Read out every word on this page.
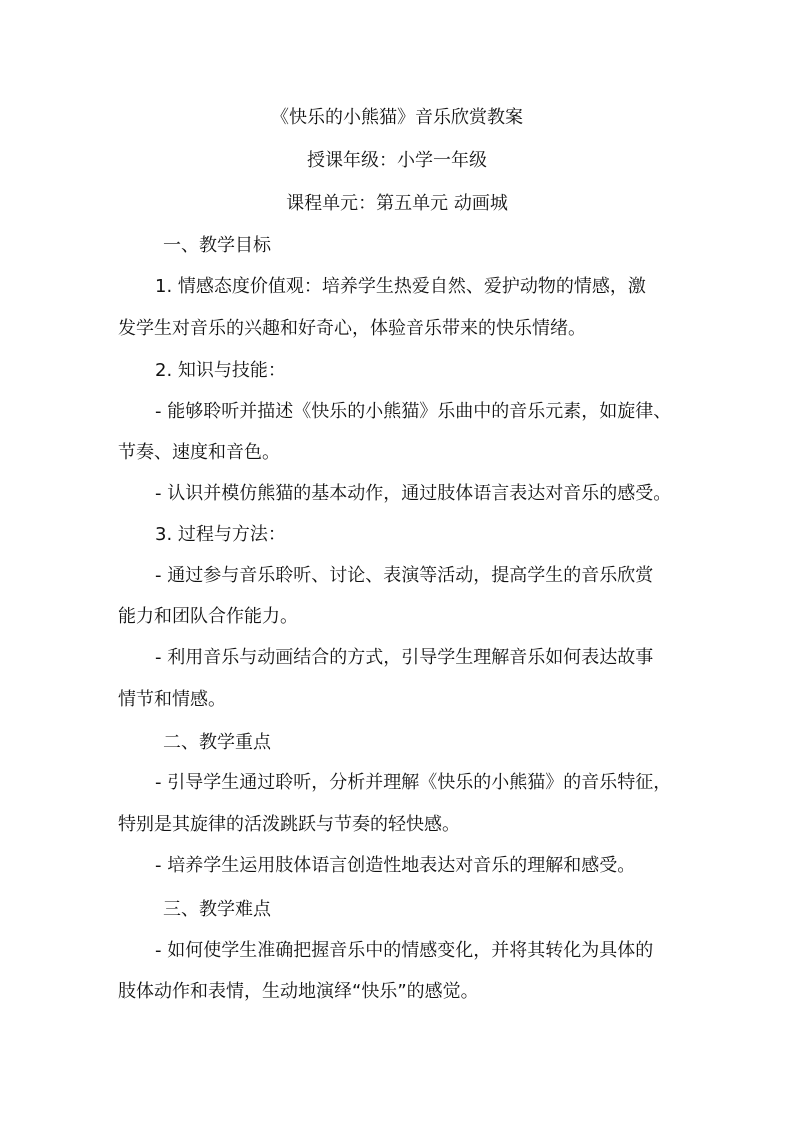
《快乐的小熊猫》音乐欣赏教案
授课年级：小学一年级
课程单元：第五单元 动画城
一、教学目标
1. 情感态度价值观：培养学生热爱自然、爱护动物的情感，激
发学生对音乐的兴趣和好奇心，体验音乐带来的快乐情绪。
2. 知识与技能：
- 能够聆听并描述《快乐的小熊猫》乐曲中的音乐元素，如旋律、
节奏、速度和音色。
- 认识并模仿熊猫的基本动作，通过肢体语言表达对音乐的感受。
3. 过程与方法：
- 通过参与音乐聆听、讨论、表演等活动，提高学生的音乐欣赏
能力和团队合作能力。
- 利用音乐与动画结合的方式，引导学生理解音乐如何表达故事
情节和情感。
二、教学重点
- 引导学生通过聆听，分析并理解《快乐的小熊猫》的音乐特征，
特别是其旋律的活泼跳跃与节奏的轻快感。
- 培养学生运用肢体语言创造性地表达对音乐的理解和感受。
三、教学难点
- 如何使学生准确把握音乐中的情感变化，并将其转化为具体的
肢体动作和表情，生动地演绎“快乐”的感觉。
